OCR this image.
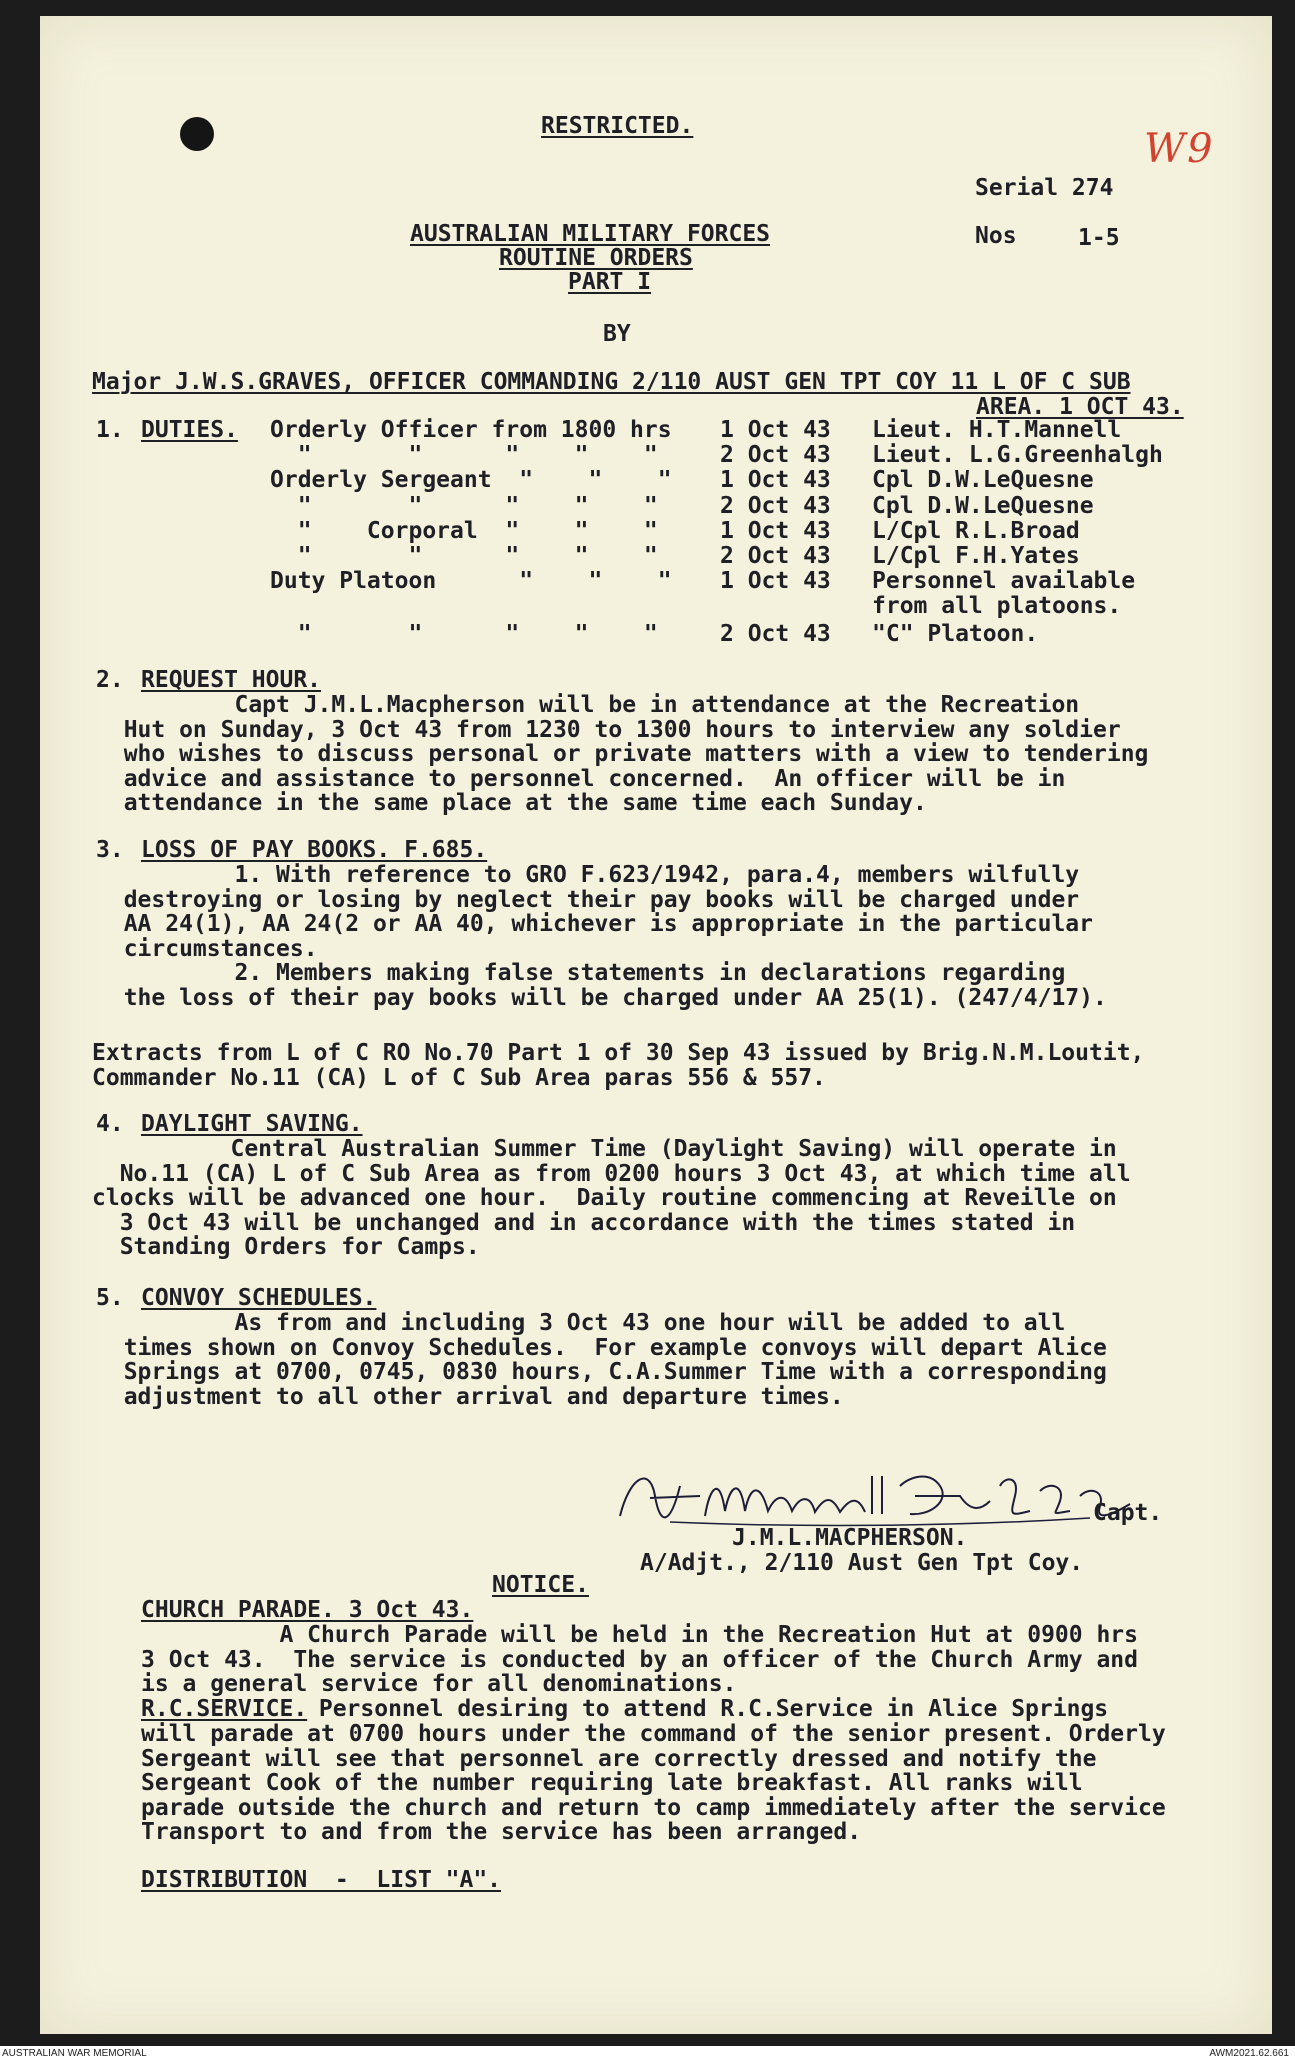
W9
RESTRICTED.
Serial 274
Nos	1-5
AUSTRALIAN MILITARY FORCES
ROUTINE ORDERS
PART I
BY
Major J.W.S.GRAVES, OFFICER COMMANDING 2/110 AUST GEN TPT COY 11 L OF C SUB
AREA. 1 OCT 43.
1. DUTIES. Orderly Officer from 1800 hrs 1 Oct 43 Lieut. H.T.Mannell
"       "      "    "    "	2 Oct 43 Lieut. L.G.Greenhalgh
Orderly Sergeant  "    "    " 1 Oct 43 Cpl D.W.LeQuesne
"       "      "    "    "	2 Oct 43 Cpl D.W.LeQuesne
"    Corporal  "    "    "	1 Oct 43 L/Cpl R.L.Broad
"       "      "    "    "	2 Oct 43 L/Cpl F.H.Yates
Duty Platoon      "    "    " 1 Oct 43 Personnel available
from all platoons.
"       "      "    "    "	2 Oct 43 "C" Platoon.
2. REQUEST HOUR.
Capt J.M.L.Macpherson will be in attendance at the Recreation
Hut on Sunday, 3 Oct 43 from 1230 to 1300 hours to interview any soldier
who wishes to discuss personal or private matters with a view to tendering
advice and assistance to personnel concerned.  An officer will be in
attendance in the same place at the same time each Sunday.
3. LOSS OF PAY BOOKS. F.685.
1. With reference to GRO F.623/1942, para.4, members wilfully
destroying or losing by neglect their pay books will be charged under
AA 24(1), AA 24(2 or AA 40, whichever is appropriate in the particular
circumstances.
2. Members making false statements in declarations regarding
the loss of their pay books will be charged under AA 25(1). (247/4/17).
Extracts from L of C RO No.70 Part 1 of 30 Sep 43 issued by Brig.N.M.Loutit,
Commander No.11 (CA) L of C Sub Area paras 556 & 557.
4. DAYLIGHT SAVING.
Central Australian Summer Time (Daylight Saving) will operate in
No.11 (CA) L of C Sub Area as from 0200 hours 3 Oct 43, at which time all
clocks will be advanced one hour.  Daily routine commencing at Reveille on
3 Oct 43 will be unchanged and in accordance with the times stated in
Standing Orders for Camps.
5. CONVOY SCHEDULES.
As from and including 3 Oct 43 one hour will be added to all
times shown on Convoy Schedules.  For example convoys will depart Alice
Springs at 0700, 0745, 0830 hours, C.A.Summer Time with a corresponding
adjustment to all other arrival and departure times.
Capt.
J.M.L.MACPHERSON.
A/Adjt., 2/110 Aust Gen Tpt Coy.
NOTICE.
CHURCH PARADE. 3 Oct 43.
A Church Parade will be held in the Recreation Hut at 0900 hrs
3 Oct 43.  The service is conducted by an officer of the Church Army and
is a general service for all denominations.
R.C.SERVICE.
Personnel desiring to attend R.C.Service in Alice Springs
will parade at 0700 hours under the command of the senior present. Orderly
Sergeant will see that personnel are correctly dressed and notify the
Sergeant Cook of the number requiring late breakfast. All ranks will
parade outside the church and return to camp immediately after the service
Transport to and from the service has been arranged.
DISTRIBUTION  -  LIST "A".
AUSTRALIAN WAR MEMORIAL	AWM2021.62.661
